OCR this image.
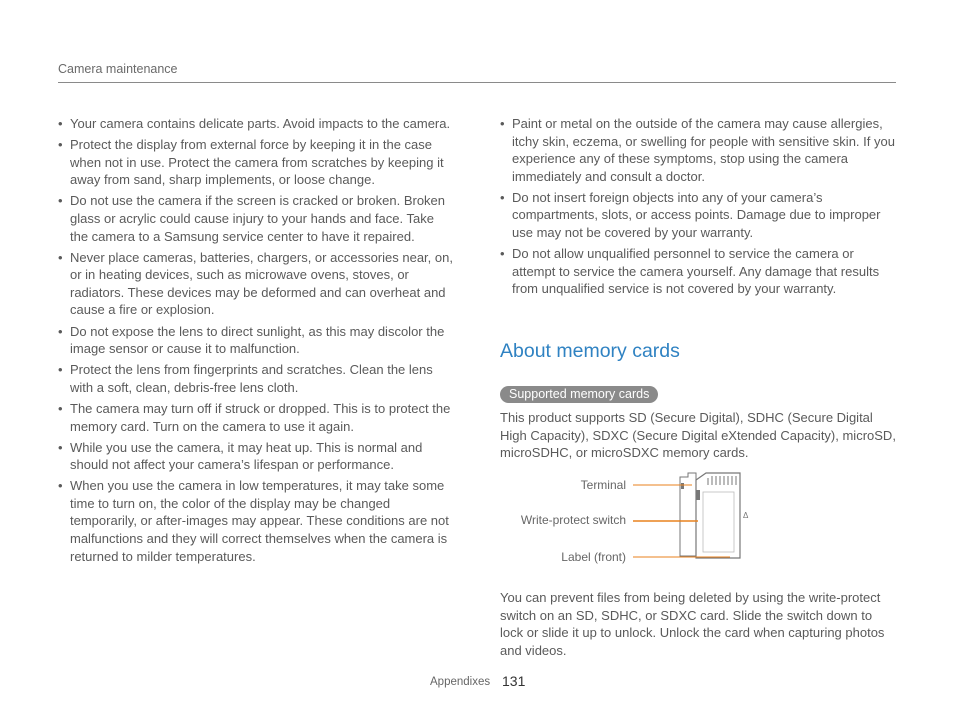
Camera maintenance
• Your camera contains delicate parts. Avoid impacts to the camera.
• Protect the display from external force by keeping it in the case when not in use. Protect the camera from scratches by keeping it away from sand, sharp implements, or loose change.
• Do not use the camera if the screen is cracked or broken. Broken glass or acrylic could cause injury to your hands and face. Take the camera to a Samsung service center to have it repaired.
• Never place cameras, batteries, chargers, or accessories near, on, or in heating devices, such as microwave ovens, stoves, or radiators. These devices may be deformed and can overheat and cause a fire or explosion.
• Do not expose the lens to direct sunlight, as this may discolor the image sensor or cause it to malfunction.
• Protect the lens from fingerprints and scratches. Clean the lens with a soft, clean, debris-free lens cloth.
• The camera may turn off if struck or dropped. This is to protect the memory card. Turn on the camera to use it again.
• While you use the camera, it may heat up. This is normal and should not affect your camera’s lifespan or performance.
• When you use the camera in low temperatures, it may take some time to turn on, the color of the display may be changed temporarily, or after-images may appear. These conditions are not malfunctions and they will correct themselves when the camera is returned to milder temperatures.
• Paint or metal on the outside of the camera may cause allergies, itchy skin, eczema, or swelling for people with sensitive skin. If you experience any of these symptoms, stop using the camera immediately and consult a doctor.
• Do not insert foreign objects into any of your camera’s compartments, slots, or access points. Damage due to improper use may not be covered by your warranty.
• Do not allow unqualified personnel to service the camera or attempt to service the camera yourself. Any damage that results from unqualified service is not covered by your warranty.
About memory cards
Supported memory cards

This product supports SD (Secure Digital), SDHC (Secure Digital High Capacity), SDXC (Secure Digital eXtended Capacity), microSD, microSDHC, or microSDXC memory cards.

Terminal
Write-protect switch
Label (front)
Δ

You can prevent files from being deleted by using the write-protect switch on an SD, SDHC, or SDXC card. Slide the switch down to lock or slide it up to unlock. Unlock the card when capturing photos and videos.

Appendixes 131
